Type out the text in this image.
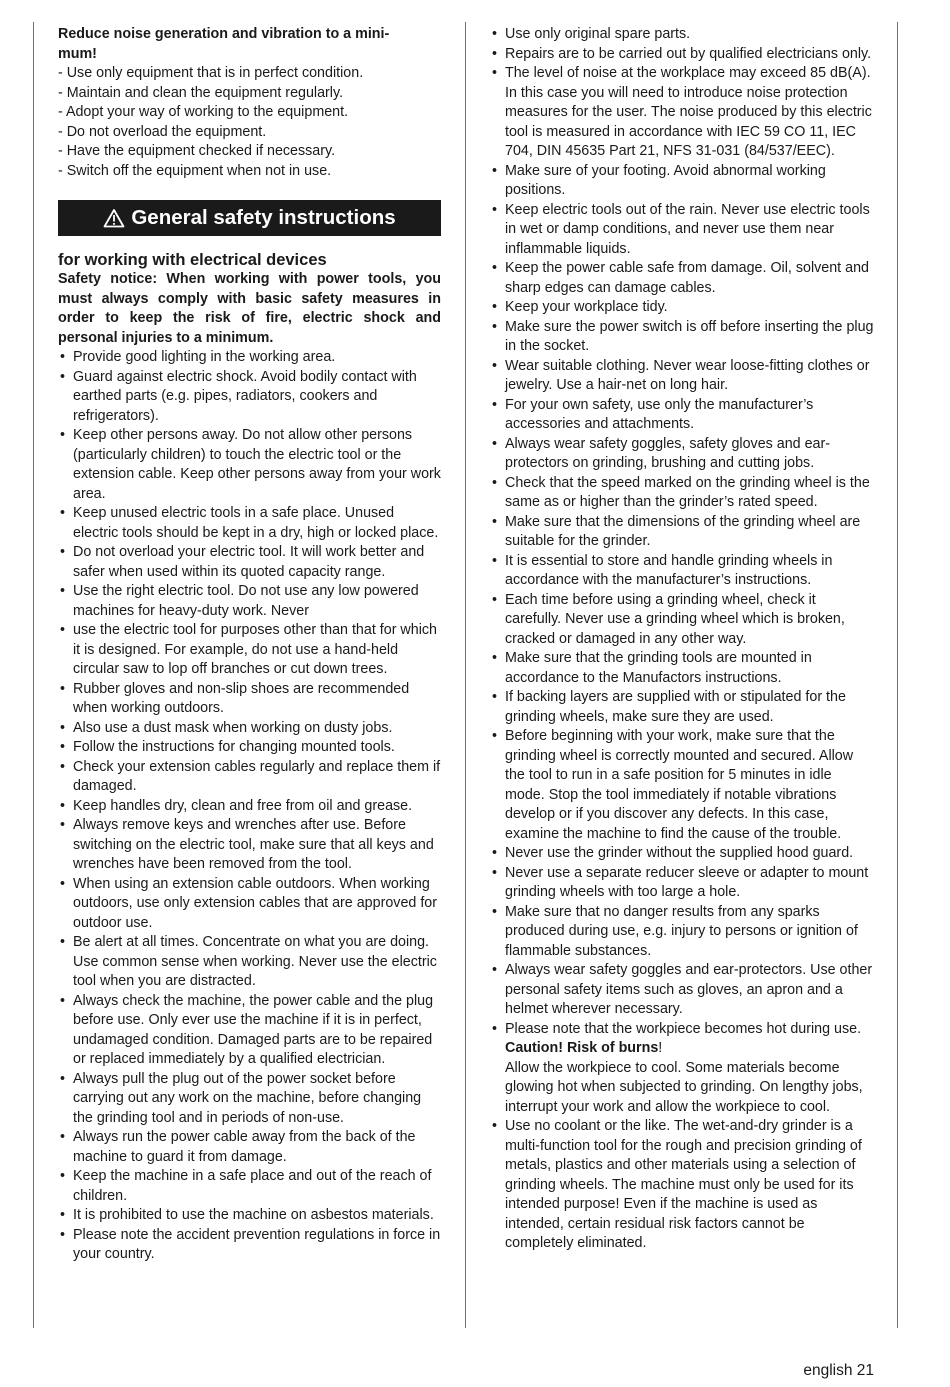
Reduce noise generation and vibration to a mini-
mum!
- Use only equipment that is in perfect condition.
- Maintain and clean the equipment regularly.
- Adopt your way of working to the equipment.
- Do not overload the equipment.
- Have the equipment checked if necessary.
- Switch off the equipment when not in use.
General safety instructions
for working with electrical devices
Safety notice: When working with power tools, you must always comply with basic safety measures in order to keep the risk of fire, electric shock and personal injuries to a minimum.
• Provide good lighting in the working area.
• Guard against electric shock. Avoid bodily contact with earthed parts (e.g. pipes, radiators, cookers and refrigerators).
• Keep other persons away. Do not allow other persons (particularly children) to touch the electric tool or the extension cable. Keep other persons away from your work area.
• Keep unused electric tools in a safe place. Unused electric tools should be kept in a dry, high or locked place.
• Do not overload your electric tool. It will work better and safer when used within its quoted capacity range.
• Use the right electric tool. Do not use any low powered machines for heavy-duty work. Never
• use the electric tool for purposes other than that for which it is designed. For example, do not use a hand-held circular saw to lop off branches or cut down trees.
• Rubber gloves and non-slip shoes are recommended when working outdoors.
• Also use a dust mask when working on dusty jobs.
• Follow the instructions for changing mounted tools.
• Check your extension cables regularly and replace them if damaged.
• Keep handles dry, clean and free from oil and grease.
• Always remove keys and wrenches after use. Before switching on the electric tool, make sure that all keys and wrenches have been removed from the tool.
• When using an extension cable outdoors. When working outdoors, use only extension cables that are approved for outdoor use.
• Be alert at all times. Concentrate on what you are doing. Use common sense when working. Never use the electric tool when you are distracted.
• Always check the machine, the power cable and the plug before use. Only ever use the machine if it is in perfect, undamaged condition. Damaged parts are to be repaired or replaced immediately by a qualified electrician.
• Always pull the plug out of the power socket before carrying out any work on the machine, before changing the grinding tool and in periods of non-use.
• Always run the power cable away from the back of the machine to guard it from damage.
• Keep the machine in a safe place and out of the reach of children.
• It is prohibited to use the machine on asbestos materials.
• Please note the accident prevention regulations in force in your country.
• Use only original spare parts.
• Repairs are to be carried out by qualified electricians only.
• The level of noise at the workplace may exceed 85 dB(A). In this case you will need to introduce noise protection measures for the user. The noise produced by this electric tool is measured in accordance with IEC 59 CO 11, IEC 704, DIN 45635 Part 21, NFS 31-031 (84/537/EEC).
• Make sure of your footing. Avoid abnormal working positions.
• Keep electric tools out of the rain. Never use electric tools in wet or damp conditions, and never use them near inflammable liquids.
• Keep the power cable safe from damage. Oil, solvent and sharp edges can damage cables.
• Keep your workplace tidy.
• Make sure the power switch is off before inserting the plug in the socket.
• Wear suitable clothing. Never wear loose-fitting clothes or jewelry. Use a hair-net on long hair.
• For your own safety, use only the manufacturer’s accessories and attachments.
• Always wear safety goggles, safety gloves and ear-protectors on grinding, brushing and cutting jobs.
• Check that the speed marked on the grinding wheel is the same as or higher than the grinder’s rated speed.
• Make sure that the dimensions of the grinding wheel are suitable for the grinder.
• It is essential to store and handle grinding wheels in accordance with the manufacturer’s instructions.
• Each time before using a grinding wheel, check it carefully. Never use a grinding wheel which is broken, cracked or damaged in any other way.
• Make sure that the grinding tools are mounted in accordance to the Manufactors instructions.
• If backing layers are supplied with or stipulated for the grinding wheels, make sure they are used.
• Before beginning with your work, make sure that the grinding wheel is correctly mounted and secured. Allow the tool to run in a safe position for 5 minutes in idle mode. Stop the tool immediately if notable vibrations develop or if you discover any defects. In this case, examine the machine to find the cause of the trouble.
• Never use the grinder without the supplied hood guard.
• Never use a separate reducer sleeve or adapter to mount grinding wheels with too large a hole.
• Make sure that no danger results from any sparks produced during use, e.g. injury to persons or ignition of flammable substances.
• Always wear safety goggles and ear-protectors. Use other personal safety items such as gloves, an apron and a helmet wherever necessary.
• Please note that the workpiece becomes hot during use.
Caution! Risk of burns!
Allow the workpiece to cool. Some materials become glowing hot when subjected to grinding. On lengthy jobs, interrupt your work and allow the workpiece to cool.
• Use no coolant or the like. The wet-and-dry grinder is a multi-function tool for the rough and precision grinding of metals, plastics and other materials using a selection of grinding wheels. The machine must only be used for its intended purpose! Even if the machine is used as intended, certain residual risk factors cannot be completely eliminated.
english 21
